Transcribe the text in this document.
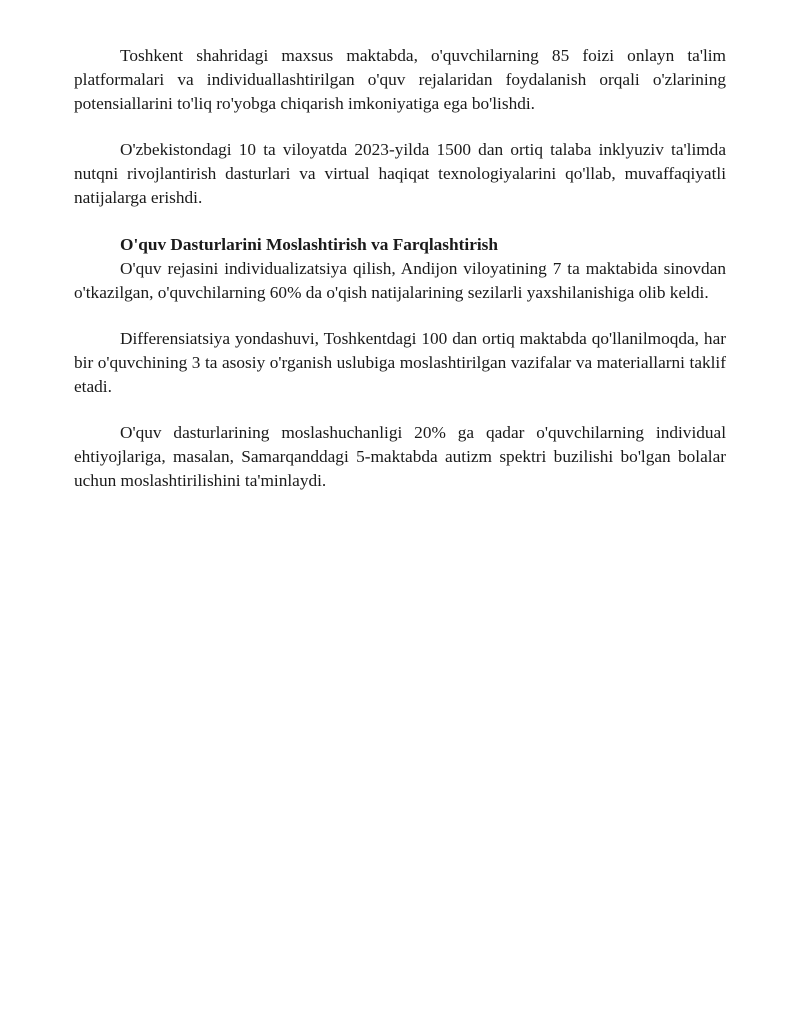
Toshkent shahridagi maxsus maktabda, o'quvchilarning 85 foizi onlayn ta'lim platformalari va individuallashtirilgan o'quv rejalaridan foydalanish orqali o'zlarining potensiallarini to'liq ro'yobga chiqarish imkoniyatiga ega bo'lishdi.

O'zbekistondagi 10 ta viloyatda 2023-yilda 1500 dan ortiq talaba inklyuziv ta'limda nutqni rivojlantirish dasturlari va virtual haqiqat texnologiyalarini qo'llab, muvaffaqiyatli natijalarga erishdi.

O'quv Dasturlarini Moslashtirish va Farqlashtirish

O'quv rejasini individualizatsiya qilish, Andijon viloyatining 7 ta maktabida sinovdan o'tkazilgan, o'quvchilarning 60% da o'qish natijalarining sezilarli yaxshilanishiga olib keldi.

Differensiatsiya yondashuvi, Toshkentdagi 100 dan ortiq maktabda qo'llanilmoqda, har bir o'quvchining 3 ta asosiy o'rganish uslubiga moslashtirilgan vazifalar va materiallarni taklif etadi.

O'quv dasturlarining moslashuchanligi 20% ga qadar o'quvchilarning individual ehtiyojlariga, masalan, Samarqanddagi 5-maktabda autizm spektri buzilishi bo'lgan bolalar uchun moslashtirilishini ta'minlaydi.
